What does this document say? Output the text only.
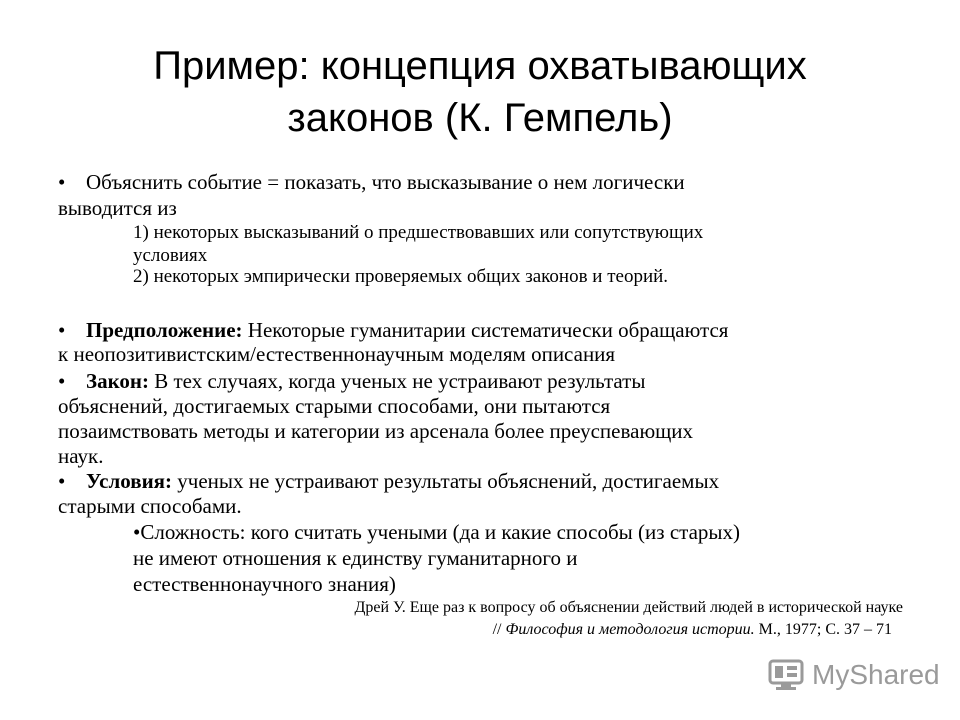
Пример: концепция охватывающих
законов (К. Гемпель)
• Объяснить событие = показать, что высказывание о нем логически
выводится из
1) некоторых высказываний о предшествовавших или сопутствующих
условиях
2) некоторых эмпирически проверяемых общих законов и теорий.
• Предположение: Некоторые гуманитарии систематически обращаются
к неопозитивистским/естественнонаучным моделям описания
• Закон: В тех случаях, когда ученых не устраивают результаты
объяснений, достигаемых старыми способами, они пытаются
позаимствовать методы и категории из арсенала более преуспевающих
наук.
• Условия: ученых не устраивают результаты объяснений, достигаемых
старыми способами.
•Сложность: кого считать учеными (да и какие способы (из старых)
не имеют отношения к единству гуманитарного и
естественнонаучного знания)
Дрей У. Еще раз к вопросу об объяснении действий людей в исторической науке
// Философия и методология истории. М., 1977; С. 37 – 71
MyShared
